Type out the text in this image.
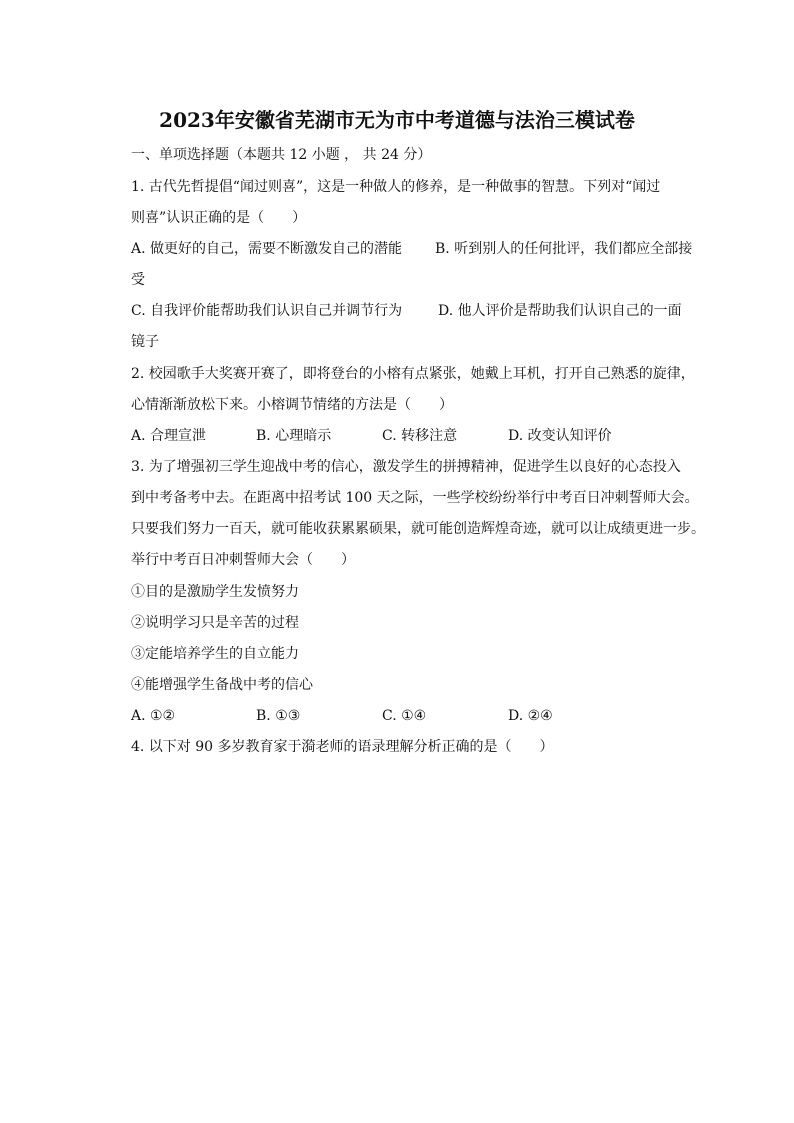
2023年安徽省芜湖市无为市中考道德与法治三模试卷
一、单项选择题（本题共 12 小题 ， 共 24 分）
1. 古代先哲提倡“闻过则喜”，这是一种做人的修养，是一种做事的智慧。下列对“闻过
则喜”认识正确的是（　　）
A. 做更好的自己，需要不断激发自己的潜能 B. 听到别人的任何批评，我们都应全部接
受
C. 自我评价能帮助我们认识自己并调节行为	D. 他人评价是帮助我们认识自己的一面
镜子
2. 校园歌手大奖赛开赛了，即将登台的小榕有点紧张，她戴上耳机，打开自己熟悉的旋律，
心情渐渐放松下来。小榕调节情绪的方法是（　　）
A. 合理宣泄	B. 心理暗示	C. 转移注意	D. 改变认知评价
3. 为了增强初三学生迎战中考的信心，激发学生的拼搏精神，促进学生以良好的心态投入
到中考备考中去。在距离中招考试 100 天之际，一些学校纷纷举行中考百日冲刺誓师大会。
只要我们努力一百天，就可能收获累累硕果，就可能创造辉煌奇迹，就可以让成绩更进一步。
举行中考百日冲刺誓师大会（　　）
①目的是激励学生发愤努力
②说明学习只是辛苦的过程
③定能培养学生的自立能力
④能增强学生备战中考的信心
A. ①②	B. ①③	C. ①④	D. ②④
4. 以下对 90 多岁教育家于漪老师的语录理解分析正确的是（　　）
